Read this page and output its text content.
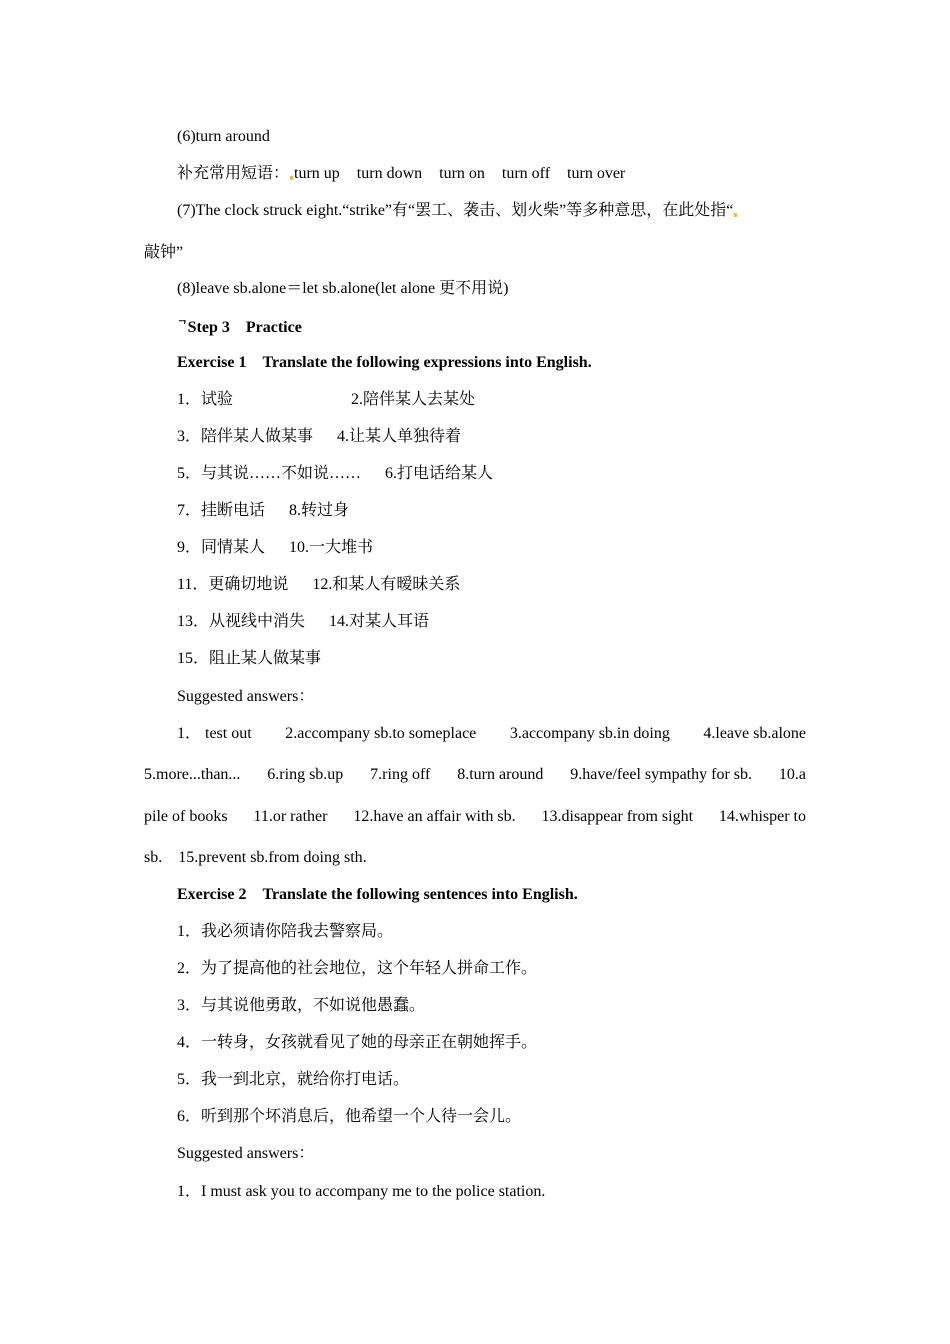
(6)turn around
补充常用短语： turn up turn down turn on turn off turn over
(7)The clock struck eight.“strike”有“罢工、袭击、划火柴”等多种意思，在此处指“
敲钟”
(8)leave sb.alone＝let sb.alone(let alone 更不用说)
ᄀStep 3　Practice
Exercise 1　Translate the following expressions into English.
1．试验	2.陪伴某人去某处
3．陪伴某人做某事 4.让某人单独待着
5．与其说……不如说…… 6.打电话给某人
7．挂断电话 8.转过身
9．同情某人 10.一大堆书
11．更确切地说 12.和某人有暧昧关系
13．从视线中消失 14.对某人耳语
15．阻止某人做某事
Suggested answers：
1． test out 2.accompany sb.to someplace 3.accompany sb.in doing 4.leave sb.alone
5.more...than... 6.ring sb.up 7.ring off 8.turn around 9.have/feel sympathy for sb. 10.a
pile of books 11.or rather 12.have an affair with sb. 13.disappear from sight 14.whisper to
sb.　15.prevent sb.from doing sth.
Exercise 2　Translate the following sentences into English.
1．我必须请你陪我去警察局。
2．为了提高他的社会地位，这个年轻人拼命工作。
3．与其说他勇敢，不如说他愚蠢。
4．一转身，女孩就看见了她的母亲正在朝她挥手。
5．我一到北京，就给你打电话。
6．听到那个坏消息后，他希望一个人待一会儿。
Suggested answers：
1．I must ask you to accompany me to the police station.
